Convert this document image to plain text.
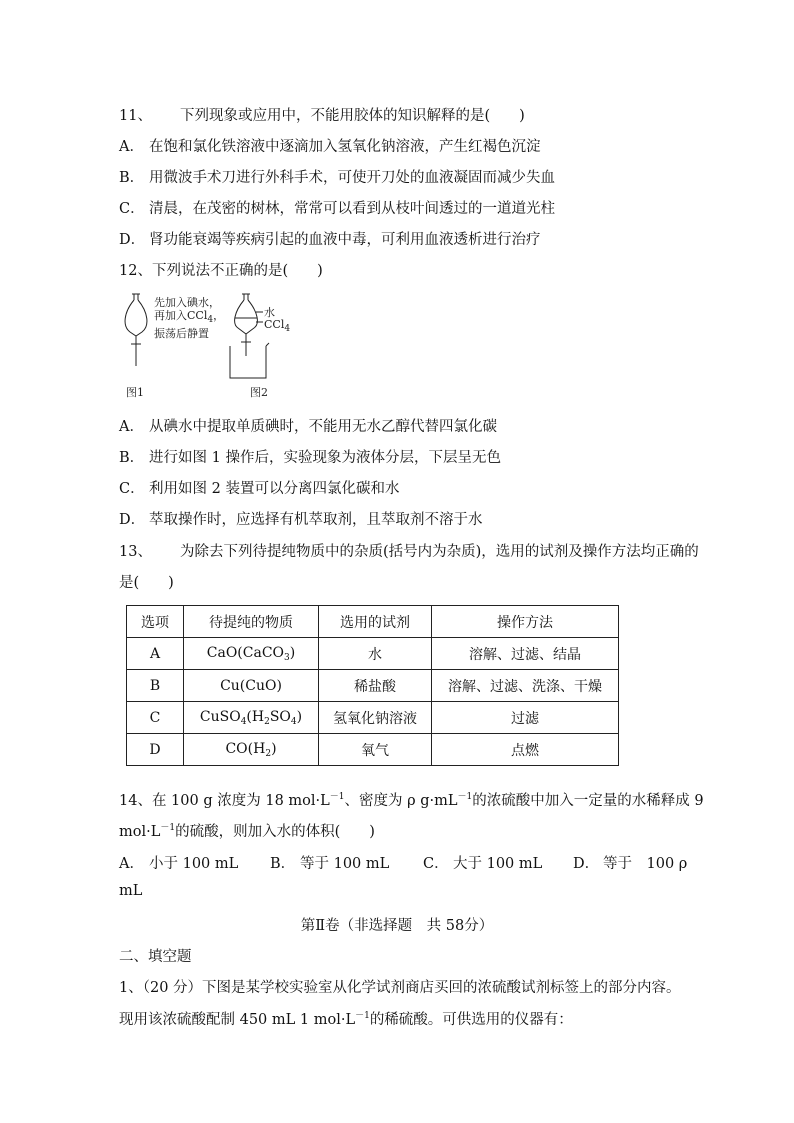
11、 下列现象或应用中，不能用胶体的知识解释的是(　　)
A． 在饱和氯化铁溶液中逐滴加入氢氧化钠溶液，产生红褐色沉淀
B． 用微波手术刀进行外科手术，可使开刀处的血液凝固而减少失血
C． 清晨，在茂密的树林，常常可以看到从枝叶间透过的一道道光柱
D． 肾功能衰竭等疾病引起的血液中毒，可利用血液透析进行治疗
12、下列说法不正确的是(　　)
先加入碘水，
再加入CCl$_4$，
振荡后静置
水
CCl$_4$
图1	图2
A． 从碘水中提取单质碘时，不能用无水乙醇代替四氯化碳
B． 进行如图 1 操作后，实验现象为液体分层，下层呈无色
C． 利用如图 2 装置可以分离四氯化碳和水
D． 萃取操作时，应选择有机萃取剂，且萃取剂不溶于水
13、 为除去下列待提纯物质中的杂质(括号内为杂质)，选用的试剂及操作方法均正确的
是(　　)
选项	待提纯的物质	选用的试剂	操作方法
A	CaO(CaCO$_3$)	水	溶解、过滤、结晶
B	Cu(CuO)	稀盐酸	溶解、过滤、洗涤、干燥
C	$CuSO_4(H_2SO_4)$	氢氧化钠溶液	过滤
D	$CO(H_2)$	氧气	点燃
14、在 100 g 浓度为 18 $mol\cdot L^{-1}$、密度为 ρ $g\cdot mL^{-1}$的浓硫酸中加入一定量的水稀释成 9
$mol\cdot L^{-1}$的硫酸，则加入水的体积(　　)
A． 小于 100 mL B． 等于 100 mL C． 大于 100 mL D． 等于　100 ρ
mL
第Ⅱ卷（非选择题　共 58分）
二、填空题
1、（20 分）下图是某学校实验室从化学试剂商店买回的浓硫酸试剂标签上的部分内容。
现用该浓硫酸配制 450 mL 1 $mol\cdot L^{-1}$的稀硫酸。可供选用的仪器有：
